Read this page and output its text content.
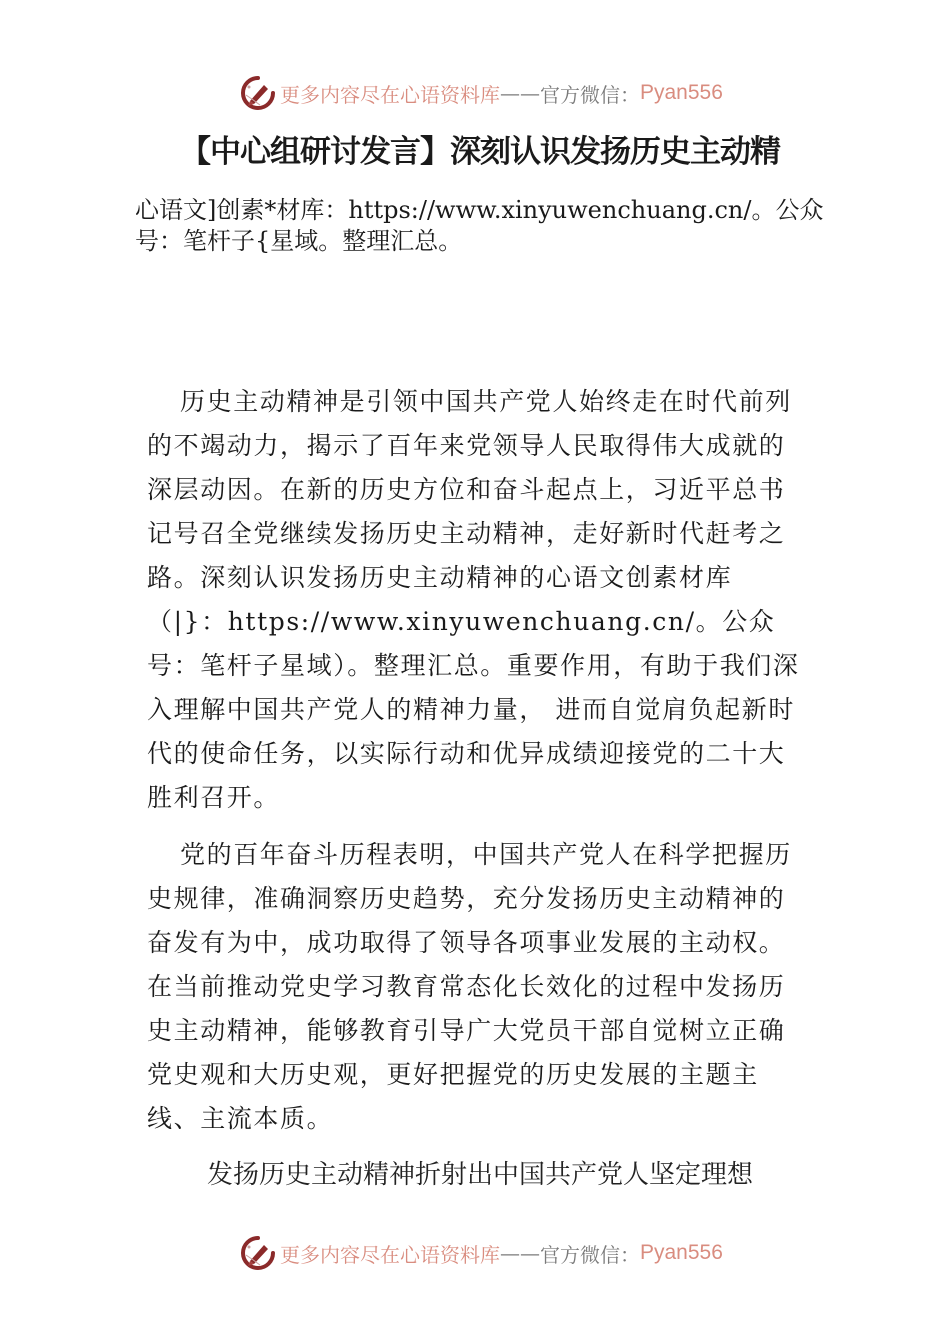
更多内容尽在心语资料库 —— 官方微信： Pyan556
【中心组研讨发言】深刻认识发扬历史主动精
心语文]创素*材库：https://www.xinyuwenchuang.cn/。公众号：笔杆子{星域。整理汇总。

历史主动精神是引领中国共产党人始终走在时代前列的不竭动力，揭示了百年来党领导人民取得伟大成就的深层动因。在新的历史方位和奋斗起点上，习近平总书记号召全党继续发扬历史主动精神，走好新时代赶考之路。深刻认识发扬历史主动精神的心语文创素材库（|}：https://www.xinyuwenchuang.cn/。公众号：笔杆子星域）。整理汇总。重要作用，有助于我们深入理解中国共产党人的精神力量， 进而自觉肩负起新时代的使命任务，以实际行动和优异成绩迎接党的二十大胜利召开。

党的百年奋斗历程表明，中国共产党人在科学把握历史规律，准确洞察历史趋势，充分发扬历史主动精神的奋发有为中，成功取得了领导各项事业发展的主动权。在当前推动党史学习教育常态化长效化的过程中发扬历史主动精神，能够教育引导广大党员干部自觉树立正确党史观和大历史观，更好把握党的历史发展的主题主线、主流本质。

发扬历史主动精神折射出中国共产党人坚定理想
更多内容尽在心语资料库 —— 官方微信： Pyan556
